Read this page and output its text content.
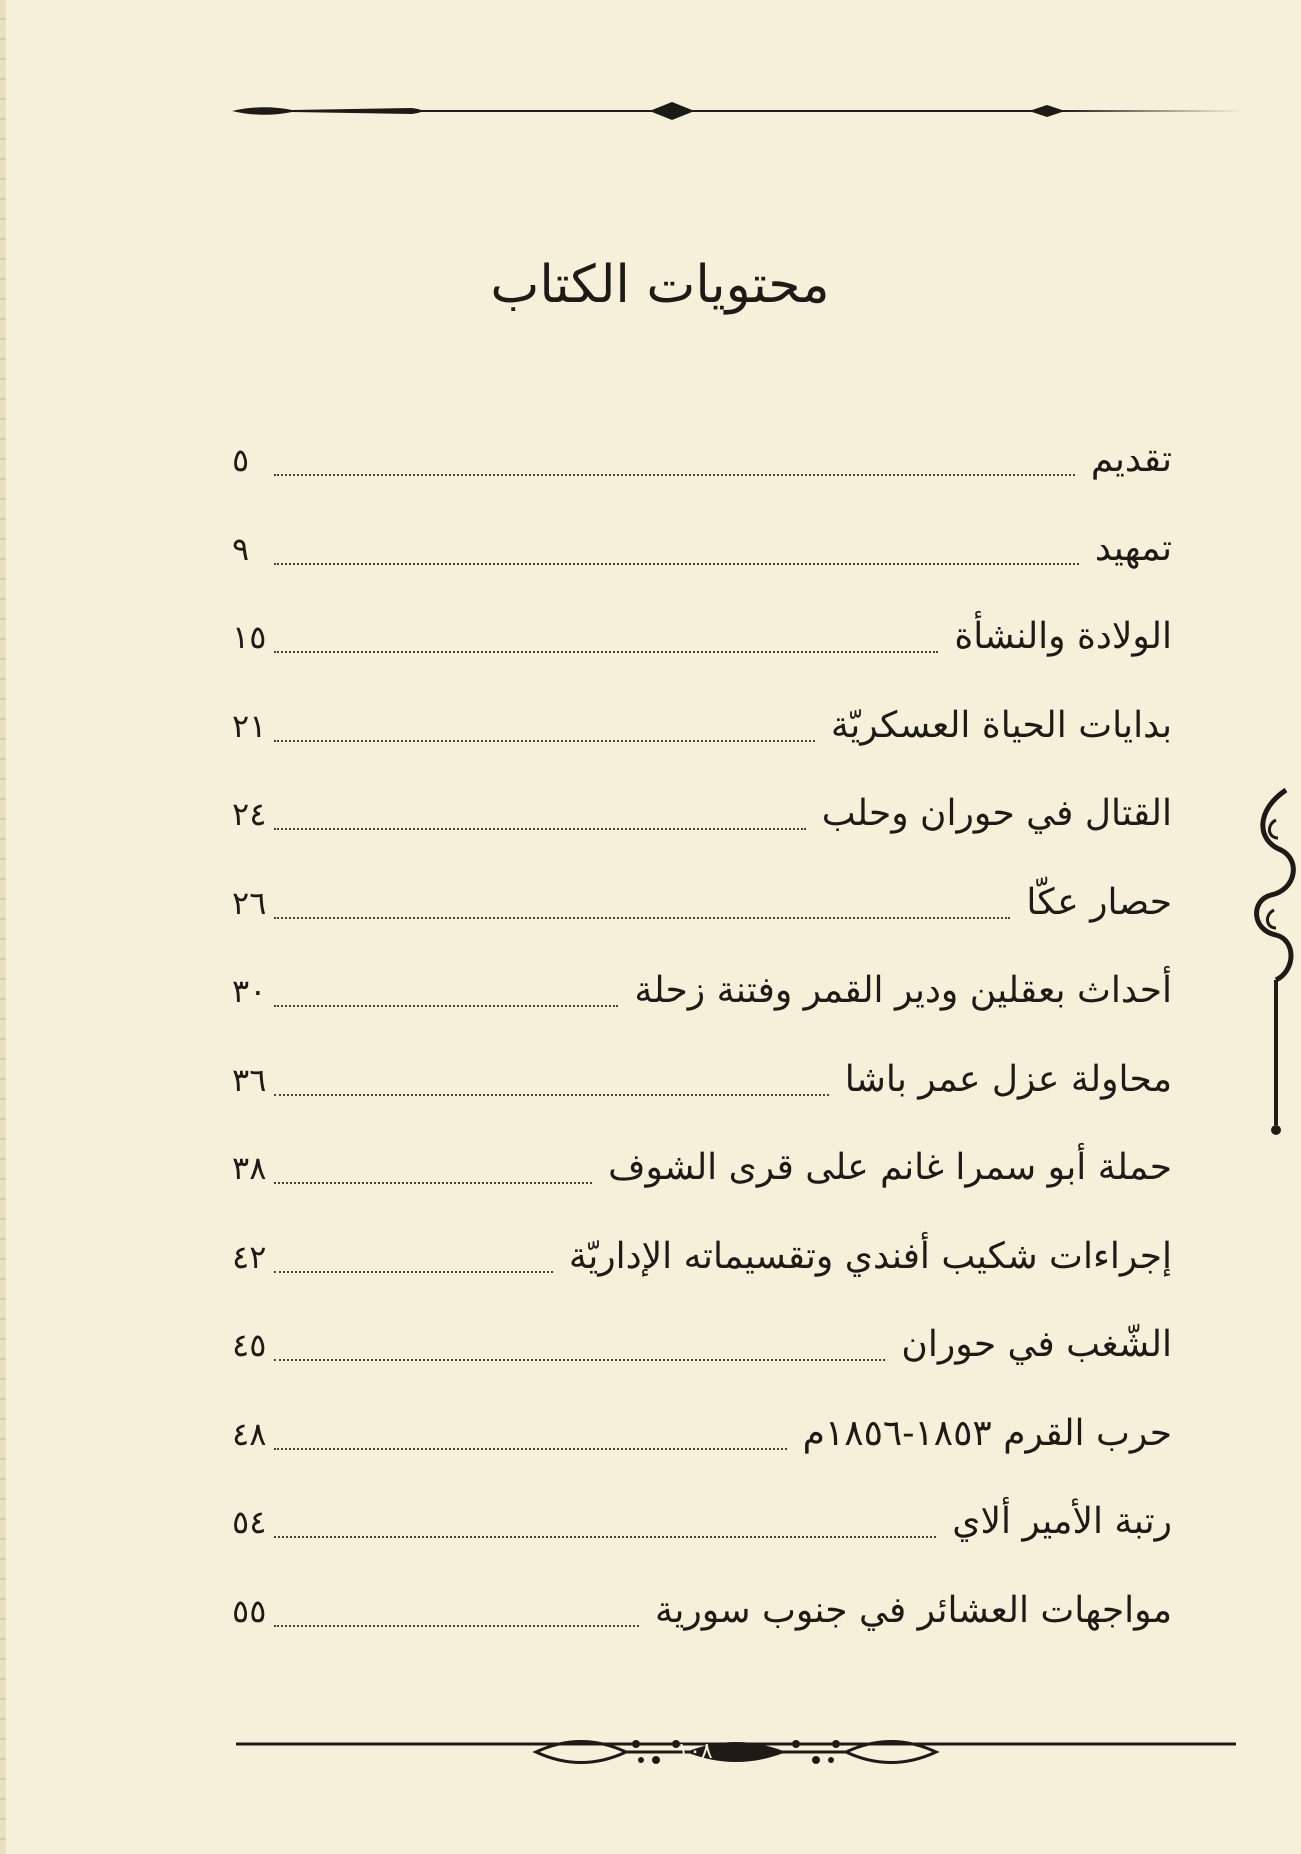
محتويات الكتاب
تقديم
٥
تمهيد
٩
الولادة والنشأة
١٥
بدايات الحياة العسكريّة
٢١
القتال في حوران وحلب
٢٤
حصار عكّا
٢٦
أحداث بعقلين ودير القمر وفتنة زحلة
٣٠
محاولة عزل عمر باشا
٣٦
حملة أبو سمرا غانم على قرى الشوف
٣٨
إجراءات شكيب أفندي وتقسيماته الإداريّة
٤٢
الشّغب في حوران
٤٥
حرب القرم ١٨٥٣-١٨٥٦م
٤٨
رتبة الأمير ألاي
٥٤
مواجهات العشائر في جنوب سورية
٥٥
١٠٨
